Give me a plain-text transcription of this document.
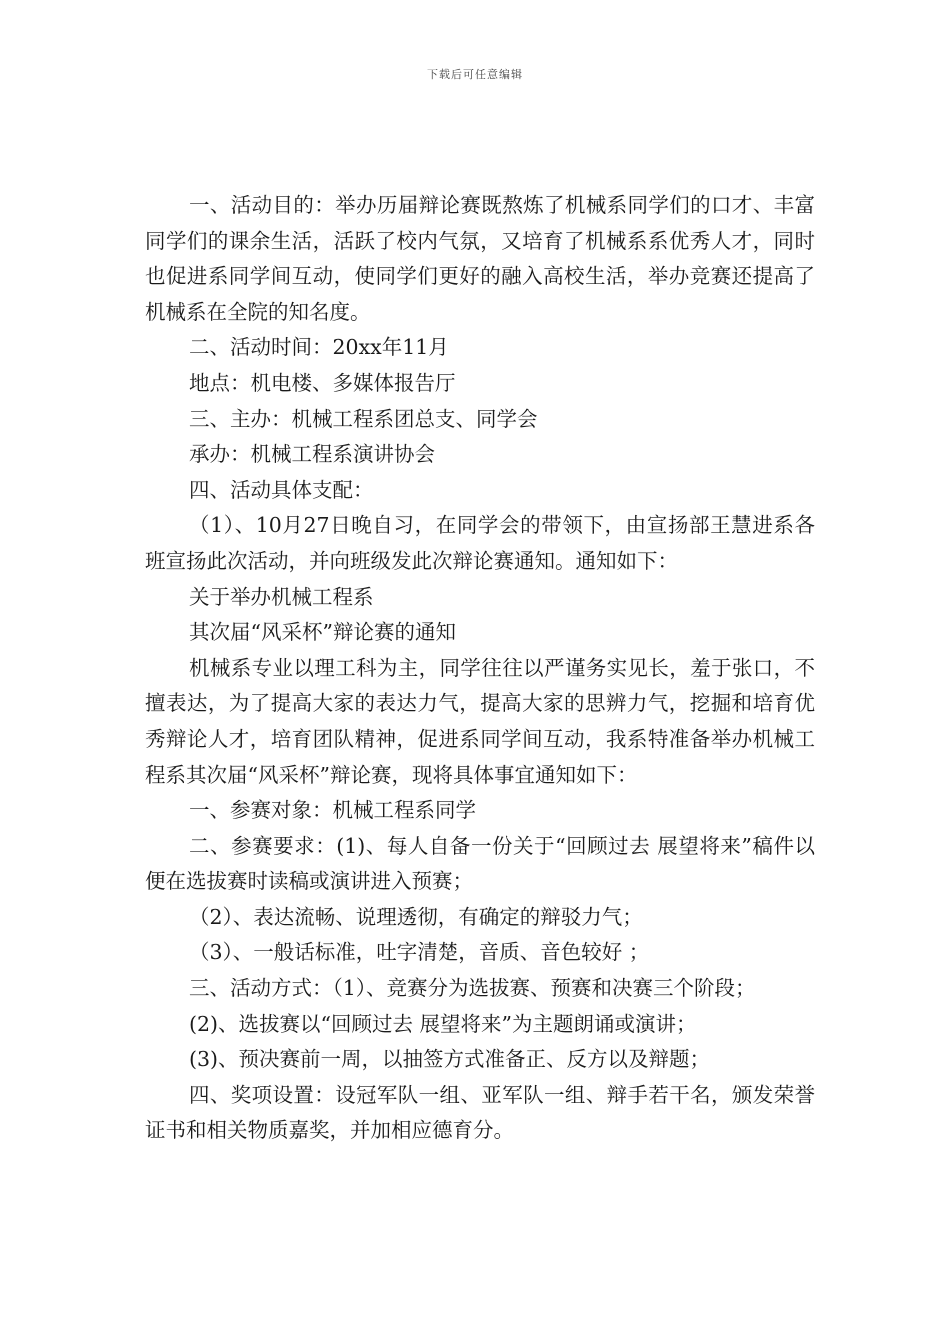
下载后可任意编辑

一、活动目的：举办历届辩论赛既熬炼了机械系同学们的口才、丰富同学们的课余生活，活跃了校内气氛，又培育了机械系系优秀人才，同时也促进系同学间互动，使同学们更好的融入高校生活，举办竞赛还提高了机械系在全院的知名度。

二、活动时间：20xx年11月

地点：机电楼、多媒体报告厅

三、主办：机械工程系团总支、同学会

承办：机械工程系演讲协会

四、活动具体支配：

（1）、10月27日晚自习，在同学会的带领下，由宣扬部王慧进系各班宣扬此次活动，并向班级发此次辩论赛通知。通知如下：

关于举办机械工程系

其次届“风采杯”辩论赛的通知

机械系专业以理工科为主，同学往往以严谨务实见长，羞于张口，不擅表达，为了提高大家的表达力气，提高大家的思辨力气，挖掘和培育优秀辩论人才，培育团队精神，促进系同学间互动，我系特准备举办机械工程系其次届“风采杯”辩论赛，现将具体事宜通知如下：

一、参赛对象：机械工程系同学

二、参赛要求：(1)、每人自备一份关于“回顾过去 展望将来”稿件以便在选拔赛时读稿或演讲进入预赛；

（2）、表达流畅、说理透彻，有确定的辩驳力气；

（3）、一般话标准，吐字清楚，音质、音色较好 ；

三、活动方式：（1）、竞赛分为选拔赛、预赛和决赛三个阶段；

(2)、选拔赛以“回顾过去 展望将来”为主题朗诵或演讲；

(3)、预决赛前一周，以抽签方式准备正、反方以及辩题；

四、奖项设置：设冠军队一组、亚军队一组、辩手若干名，颁发荣誉证书和相关物质嘉奖，并加相应德育分。
